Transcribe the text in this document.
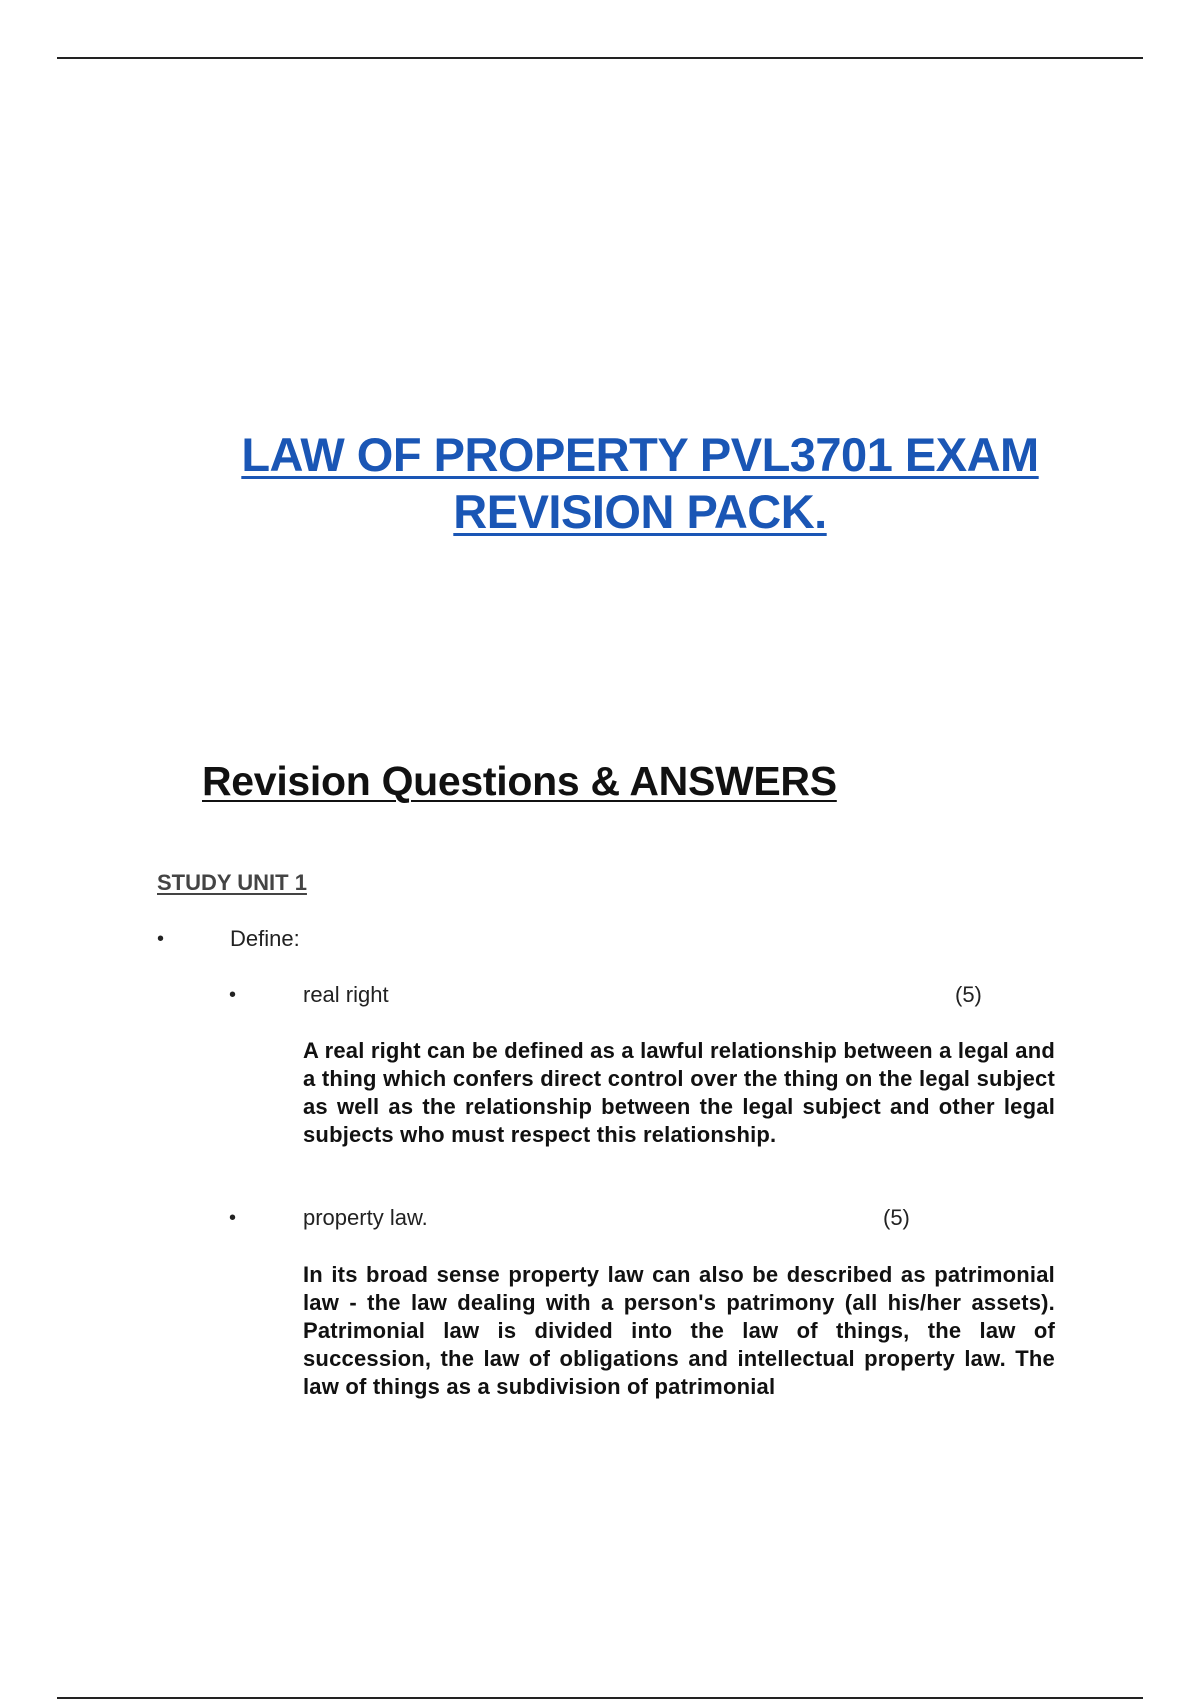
LAW OF PROPERTY PVL3701 EXAM REVISION PACK.
Revision Questions & ANSWERS
STUDY UNIT 1
•	Define:
•	real right	(5)

A real right can be defined as a lawful relationship between a legal and a thing which confers direct control over the thing on the legal subject as well as the relationship between the legal subject and other legal subjects who must respect this relationship.

•	property law.	(5)

In its broad sense property law can also be described as patrimonial law - the law dealing with a person's patrimony (all his/her assets). Patrimonial law is divided into the law of things, the law of succession, the law of obligations and intellectual property law. The law of things as a subdivision of patrimonial
